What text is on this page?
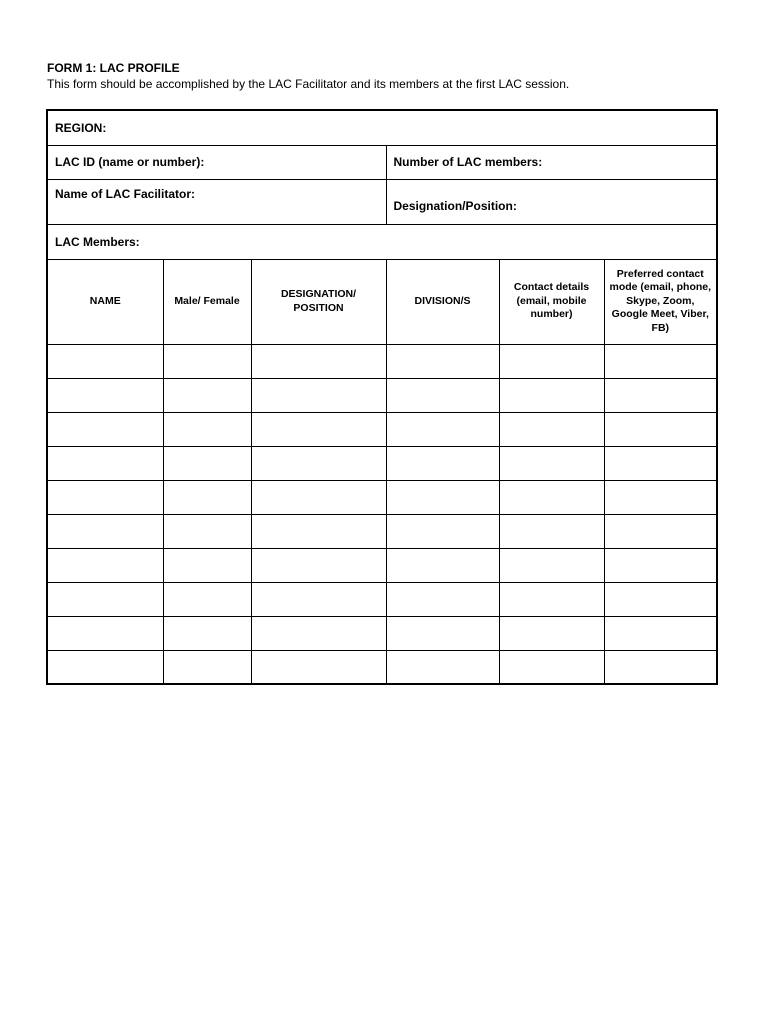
FORM 1: LAC PROFILE
This form should be accomplished by the LAC Facilitator and its members at the first LAC session.
REGION:					
LAC ID (name or number):			Number of LAC members:		
Name of LAC Facilitator:			Designation/Position:		
LAC Members:					
NAME	Male/ Female	DESIGNATION/ POSITION	DIVISION/S	Contact details (email, mobile number)	Preferred contact mode (email, phone, Skype, Zoom, Google Meet, Viber, FB)
